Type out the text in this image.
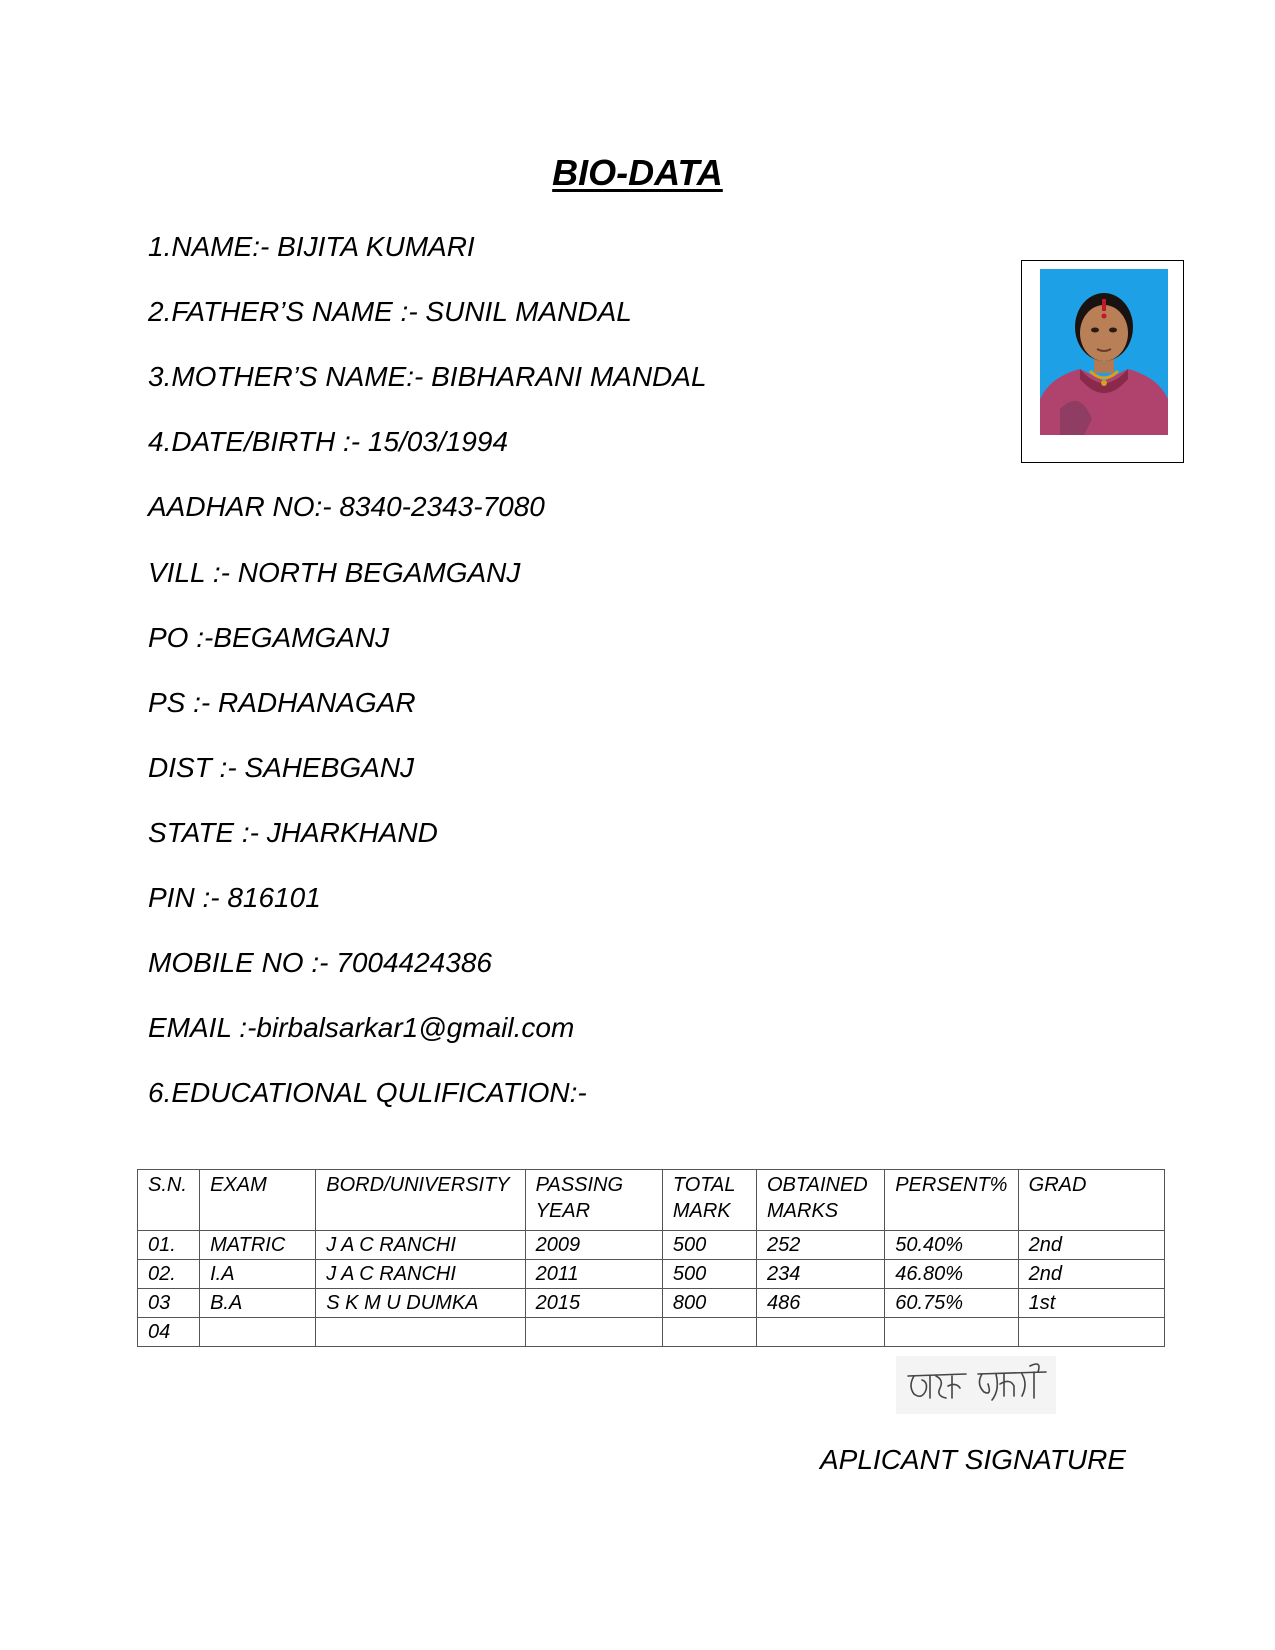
BIO-DATA
1.NAME:- BIJITA KUMARI
2.FATHER’S NAME :- SUNIL MANDAL
3.MOTHER’S NAME:- BIBHARANI MANDAL
4.DATE/BIRTH :- 15/03/1994
AADHAR NO:- 8340-2343-7080
VILL :- NORTH BEGAMGANJ
PO :-BEGAMGANJ
PS :- RADHANAGAR
DIST :- SAHEBGANJ
STATE :- JHARKHAND
PIN :- 816101
MOBILE NO :- 7004424386
EMAIL :-birbalsarkar1@gmail.com
6.EDUCATIONAL QULIFICATION:-
S.N.	EXAM	BORD/UNIVERSITY	PASSING YEAR	TOTAL MARK	OBTAINED MARKS	PERSENT%	GRAD
01.	MATRIC	J A C RANCHI	2009	500	252	50.40%	2nd
02.	I.A	J A C RANCHI	2011	500	234	46.80%	2nd
03	B.A	S K M U DUMKA	2015	800	486	60.75%	1st
04							
APLICANT SIGNATURE
